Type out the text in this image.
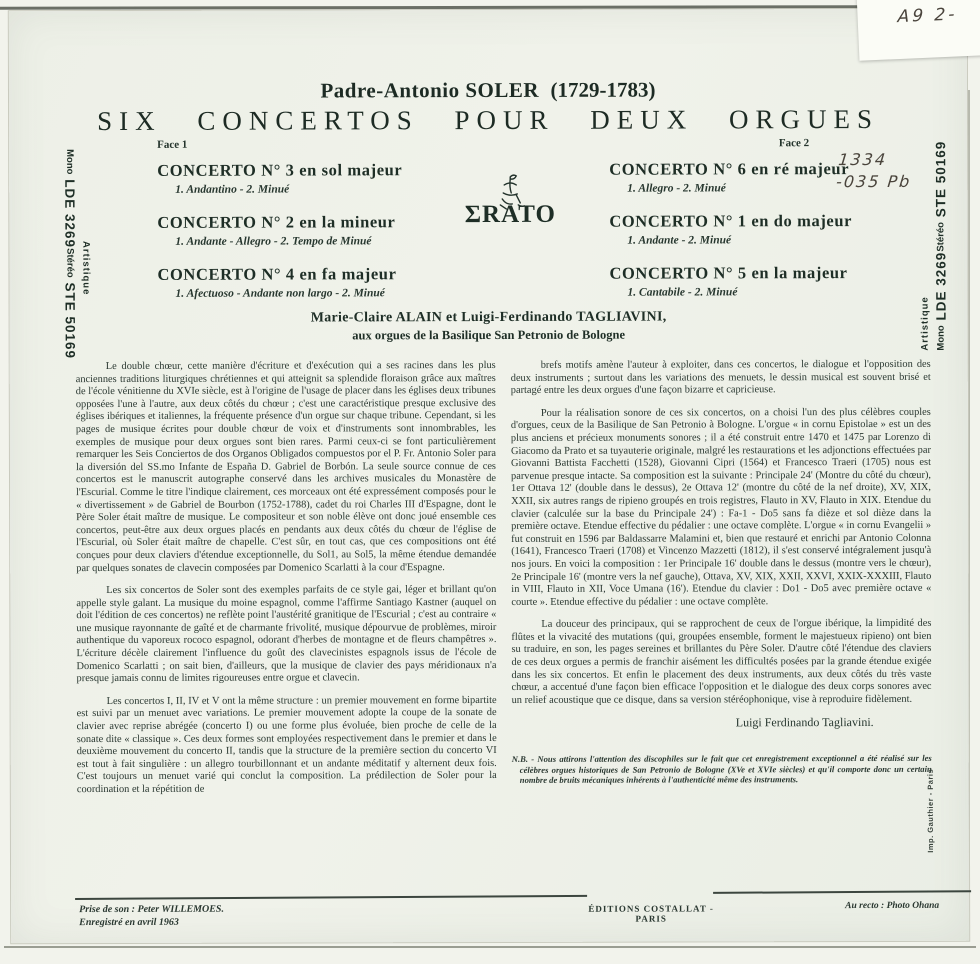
1334
-035 Pb
Padre-Antonio SOLER (1729-1783)
SIX CONCERTOS POUR DEUX ORGUES
Face 1	Face 2
CONCERTO N° 3 en sol majeur
1. Andantino - 2. Minué
CONCERTO N° 2 en la mineur
1. Andante - Allegro - 2. Tempo de Minué
CONCERTO N° 4 en fa majeur
1. Afectuoso - Andante non largo - 2. Minué
ΣRATO
CONCERTO N° 6 en ré majeur
1. Allegro - 2. Minué
CONCERTO N° 1 en do majeur
1. Andante - 2. Minué
CONCERTO N° 5 en la majeur
1. Cantabile - 2. Minué
Marie-Claire ALAIN et Luigi-Ferdinando TAGLIAVINI,
aux orgues de la Basilique San Petronio de Bologne

Le double chœur, cette manière d'écriture et d'exécution qui a ses racines dans les plus anciennes traditions liturgiques chrétiennes et qui atteignit sa splendide floraison grâce aux maîtres de l'école vénitienne du XVIe siècle, est à l'origine de l'usage de placer dans les églises deux tribunes opposées l'une à l'autre, aux deux côtés du chœur ; c'est une caractéristique presque exclusive des églises ibériques et italiennes, la fréquente présence d'un orgue sur chaque tribune. Cependant, si les pages de musique écrites pour double chœur de voix et d'instruments sont innombrables, les exemples de musique pour deux orgues sont bien rares. Parmi ceux-ci se font particulièrement remarquer les Seis Conciertos de dos Organos Obligados compuestos por el P. Fr. Antonio Soler para la diversión del SS.mo Infante de España D. Gabriel de Borbón. La seule source connue de ces concertos est le manuscrit autographe conservé dans les archives musicales du Monastère de l'Escurial. Comme le titre l'indique clairement, ces morceaux ont été expressément composés pour le « divertissement » de Gabriel de Bourbon (1752-1788), cadet du roi Charles III d'Espagne, dont le Père Soler était maître de musique. Le compositeur et son noble élève ont donc joué ensemble ces concertos, peut-être aux deux orgues placés en pendants aux deux côtés du chœur de l'église de l'Escurial, où Soler était maître de chapelle. C'est sûr, en tout cas, que ces compositions ont été conçues pour deux claviers d'étendue exceptionnelle, du Sol1, au Sol5, la même étendue demandée par quelques sonates de clavecin composées par Domenico Scarlatti à la cour d'Espagne.

Les six concertos de Soler sont des exemples parfaits de ce style gai, léger et brillant qu'on appelle style galant. La musique du moine espagnol, comme l'affirme Santiago Kastner (auquel on doit l'édition de ces concertos) ne reflète point l'austérité granitique de l'Escurial ; c'est au contraire « une musique rayonnante de gaîté et de charmante frivolité, musique dépourvue de problèmes, miroir authentique du vaporeux rococo espagnol, odorant d'herbes de montagne et de fleurs champêtres ». L'écriture décèle clairement l'influence du goût des clavecinistes espagnols issus de l'école de Domenico Scarlatti ; on sait bien, d'ailleurs, que la musique de clavier des pays méridionaux n'a presque jamais connu de limites rigoureuses entre orgue et clavecin.

Les concertos I, II, IV et V ont la même structure : un premier mouvement en forme bipartite est suivi par un menuet avec variations. Le premier mouvement adopte la coupe de la sonate de clavier avec reprise abrégée (concerto I) ou une forme plus évoluée, bien proche de celle de la sonate dite « classique ». Ces deux formes sont employées respectivement dans le premier et dans le deuxième mouvement du concerto II, tandis que la structure de la première section du concerto VI est tout à fait singulière : un allegro tourbillonnant et un andante méditatif y alternent deux fois. C'est toujours un menuet varié qui conclut la composition. La prédilection de Soler pour la coordination et la répétition de

brefs motifs amène l'auteur à exploiter, dans ces concertos, le dialogue et l'opposition des deux instruments ; surtout dans les variations des menuets, le dessin musical est souvent brisé et partagé entre les deux orgues d'une façon bizarre et capricieuse.

Pour la réalisation sonore de ces six concertos, on a choisi l'un des plus célèbres couples d'orgues, ceux de la Basilique de San Petronio à Bologne. L'orgue « in cornu Epistolae » est un des plus anciens et précieux monuments sonores ; il a été construit entre 1470 et 1475 par Lorenzo di Giacomo da Prato et sa tuyauterie originale, malgré les restaurations et les adjonctions effectuées par Giovanni Battista Facchetti (1528), Giovanni Cipri (1564) et Francesco Traeri (1705) nous est parvenue presque intacte. Sa composition est la suivante : Principale 24' (Montre du côté du chœur), 1er Ottava 12' (double dans le dessus), 2e Ottava 12' (montre du côté de la nef droite), XV, XIX, XXII, six autres rangs de ripieno groupés en trois registres, Flauto in XV, Flauto in XIX. Etendue du clavier (calculée sur la base du Principale 24') : Fa-1 - Do5 sans fa dièze et sol dièze dans la première octave. Etendue effective du pédalier : une octave complète. L'orgue « in cornu Evangelii » fut construit en 1596 par Baldassarre Malamini et, bien que restauré et enrichi par Antonio Colonna (1641), Francesco Traeri (1708) et Vincenzo Mazzetti (1812), il s'est conservé intégralement jusqu'à nos jours. En voici la composition : 1er Principale 16' double dans le dessus (montre vers le chœur), 2e Principale 16' (montre vers la nef gauche), Ottava, XV, XIX, XXII, XXVI, XXIX-XXXIII, Flauto in VIII, Flauto in XII, Voce Umana (16'). Etendue du clavier : Do1 - Do5 avec première octave « courte ». Etendue effective du pédalier : une octave complète.

La douceur des principaux, qui se rapprochent de ceux de l'orgue ibérique, la limpidité des flûtes et la vivacité des mutations (qui, groupées ensemble, forment le majestueux ripieno) ont bien su traduire, en son, les pages sereines et brillantes du Père Soler. D'autre côté l'étendue des claviers de ces deux orgues a permis de franchir aisément les difficultés posées par la grande étendue exigée dans les six concertos. Et enfin le placement des deux instruments, aux deux côtés du très vaste chœur, a accentué d'une façon bien efficace l'opposition et le dialogue des deux corps sonores avec un relief acoustique que ce disque, dans sa version stéréophonique, vise à reproduire fidèlement.

Luigi Ferdinando Tagliavini.
N.B. - Nous attirons l'attention des discophiles sur le fait que cet enregistrement exceptionnel a été réalisé sur les célèbres orgues historiques de San Petronio de Bologne (XVe et XVIe siècles) et qu'il comporte donc un certain nombre de bruits mécaniques inhérents à l'authenticité même des instruments.
Prise de son : Peter WILLEMOES.
Enregistré en avril 1963
ÉDITIONS COSTALLAT - PARIS
Au recto : Photo Ohana
Imp. Gauthier - Paris
Mono LDE 3269
Stéréo STE 50169
Artistique
Mono LDE 3269
Stéréo STE 50169
Artistique
A9 2-
